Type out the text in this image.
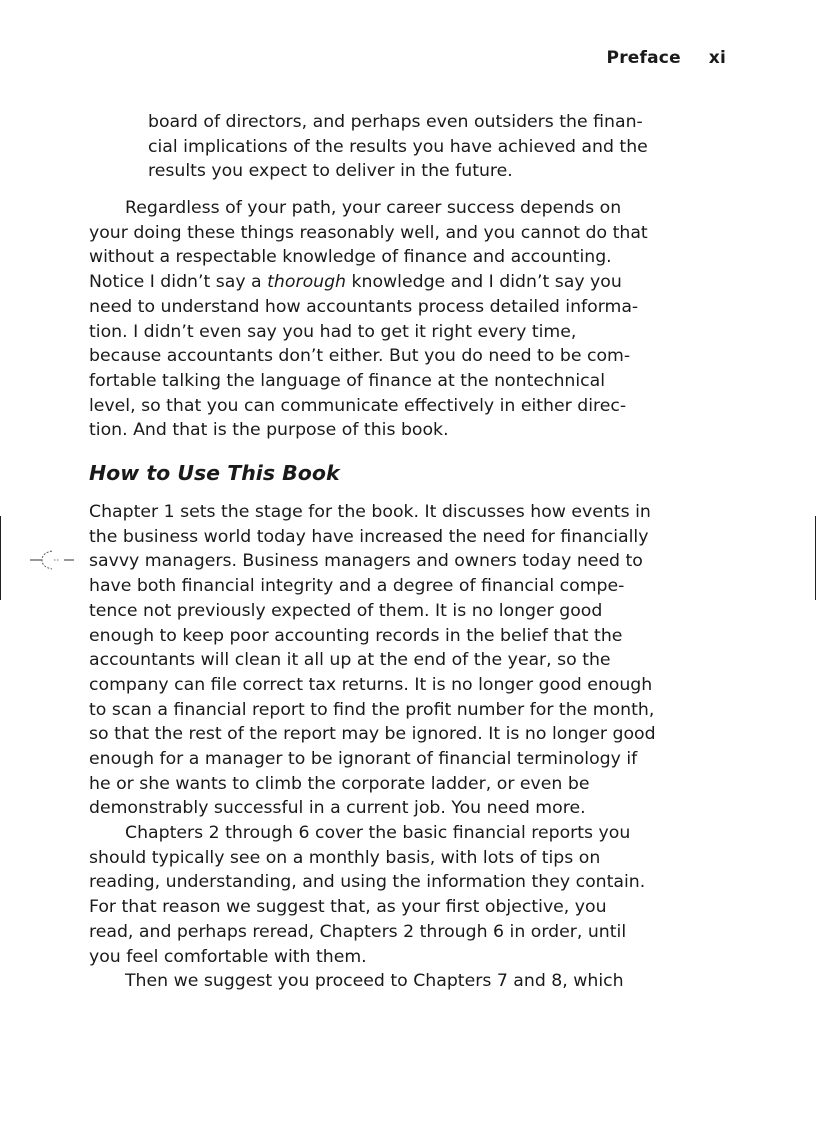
Preface xi
board of directors, and perhaps even outsiders the finan-
cial implications of the results you have achieved and the
results you expect to deliver in the future.
Regardless of your path, your career success depends on
your doing these things reasonably well, and you cannot do that
without a respectable knowledge of finance and accounting.
Notice I didn’t say a thorough knowledge and I didn’t say you
need to understand how accountants process detailed informa-
tion. I didn’t even say you had to get it right every time,
because accountants don’t either. But you do need to be com-
fortable talking the language of finance at the nontechnical
level, so that you can communicate effectively in either direc-
tion. And that is the purpose of this book.
How to Use This Book
Chapter 1 sets the stage for the book. It discusses how events in
the business world today have increased the need for financially
savvy managers. Business managers and owners today need to
have both financial integrity and a degree of financial compe-
tence not previously expected of them. It is no longer good
enough to keep poor accounting records in the belief that the
accountants will clean it all up at the end of the year, so the
company can file correct tax returns. It is no longer good enough
to scan a financial report to find the profit number for the month,
so that the rest of the report may be ignored. It is no longer good
enough for a manager to be ignorant of financial terminology if
he or she wants to climb the corporate ladder, or even be
demonstrably successful in a current job. You need more.
Chapters 2 through 6 cover the basic financial reports you
should typically see on a monthly basis, with lots of tips on
reading, understanding, and using the information they contain.
For that reason we suggest that, as your first objective, you
read, and perhaps reread, Chapters 2 through 6 in order, until
you feel comfortable with them.
Then we suggest you proceed to Chapters 7 and 8, which
